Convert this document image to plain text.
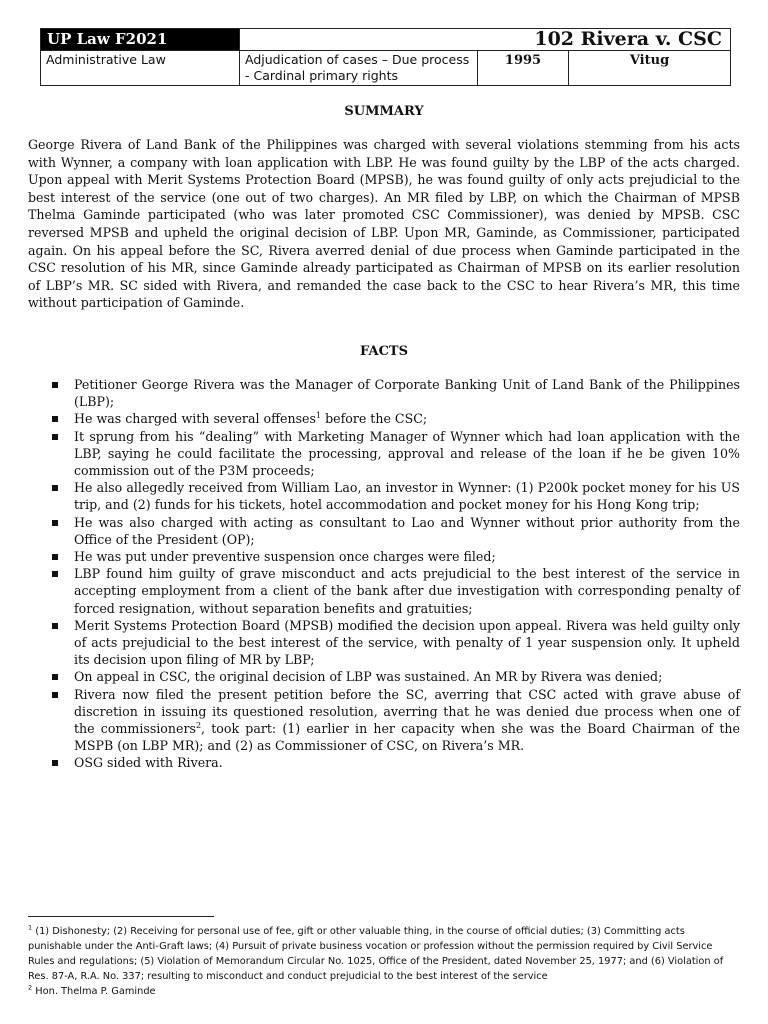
UP Law F2021	102 Rivera v. CSC		
Administrative Law	Adjudication of cases – Due process - Cardinal primary rights	1995	Vitug
SUMMARY

George Rivera of Land Bank of the Philippines was charged with several violations stemming from his acts with Wynner, a company with loan application with LBP. He was found guilty by the LBP of the acts charged. Upon appeal with Merit Systems Protection Board (MPSB), he was found guilty of only acts prejudicial to the best interest of the service (one out of two charges). An MR filed by LBP, on which the Chairman of MPSB Thelma Gaminde participated (who was later promoted CSC Commissioner), was denied by MPSB. CSC reversed MPSB and upheld the original decision of LBP. Upon MR, Gaminde, as Commissioner, participated again. On his appeal before the SC, Rivera averred denial of due process when Gaminde participated in the CSC resolution of his MR, since Gaminde already participated as Chairman of MPSB on its earlier resolution of LBP’s MR. SC sided with Rivera, and remanded the case back to the CSC to hear Rivera’s MR, this time without participation of Gaminde.

FACTS
Petitioner George Rivera was the Manager of Corporate Banking Unit of Land Bank of the Philippines (LBP);
He was charged with several offenses$^1$ before the CSC;
It sprung from his “dealing” with Marketing Manager of Wynner which had loan application with the LBP, saying he could facilitate the processing, approval and release of the loan if he be given 10% commission out of the P3M proceeds;
He also allegedly received from William Lao, an investor in Wynner: (1) P200k pocket money for his US trip, and (2) funds for his tickets, hotel accommodation and pocket money for his Hong Kong trip;
He was also charged with acting as consultant to Lao and Wynner without prior authority from the Office of the President (OP);
He was put under preventive suspension once charges were filed;
LBP found him guilty of grave misconduct and acts prejudicial to the best interest of the service in accepting employment from a client of the bank after due investigation with corresponding penalty of forced resignation, without separation benefits and gratuities;
Merit Systems Protection Board (MPSB) modified the decision upon appeal. Rivera was held guilty only of acts prejudicial to the best interest of the service, with penalty of 1 year suspension only. It upheld its decision upon filing of MR by LBP;
On appeal in CSC, the original decision of LBP was sustained. An MR by Rivera was denied;
Rivera now filed the present petition before the SC, averring that CSC acted with grave abuse of discretion in issuing its questioned resolution, averring that he was denied due process when one of the commissioners$^2$, took part: (1) earlier in her capacity when she was the Board Chairman of the MSPB (on LBP MR); and (2) as Commissioner of CSC, on Rivera’s MR.
OSG sided with Rivera.

$^1$ (1) Dishonesty; (2) Receiving for personal use of fee, gift or other valuable thing, in the course of official duties; (3) Committing acts punishable under the Anti-Graft laws; (4) Pursuit of private business vocation or profession without the permission required by Civil Service Rules and regulations; (5) Violation of Memorandum Circular No. 1025, Office of the President, dated November 25, 1977; and (6) Violation of Res. 87-A, R.A. No. 337; resulting to misconduct and conduct prejudicial to the best interest of the service

$^2$ Hon. Thelma P. Gaminde
